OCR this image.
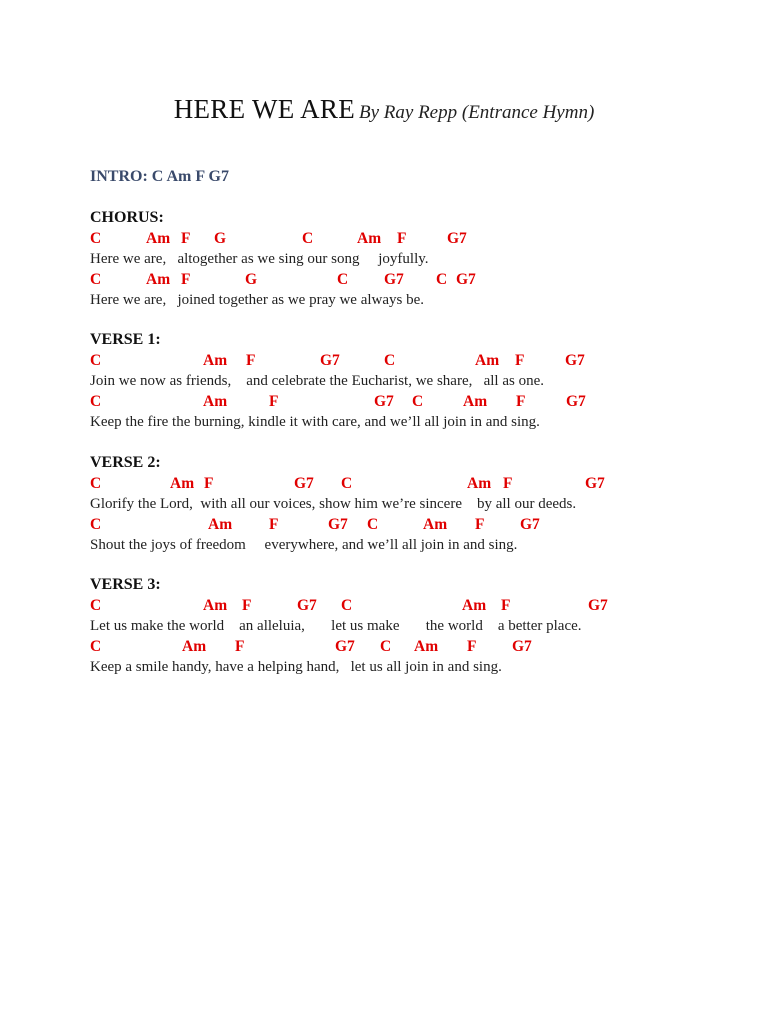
HERE WE ARE By Ray Repp (Entrance Hymn)
INTRO: C Am F G7
CHORUS:
C	Am F G	C	Am F	G7
Here we are,   altogether as we sing our song     joyfully.
C	Am F	G	C G7 C G7
Here we are,   joined together as we pray we always be.
VERSE 1:
C	Am F	G7	C	Am F	G7
Join we now as friends,    and celebrate the Eucharist, we share,   all as one.
C	Am	F	G7 C	Am F	G7
Keep the fire the burning, kindle it with care, and we’ll all join in and sing.
VERSE 2:
C	Am F	G7 C	Am F	G7
Glorify the Lord,  with all our voices, show him we’re sincere    by all our deeds.
C	Am F	G7 C	Am F G7
Shout the joys of freedom     everywhere, and we’ll all join in and sing.
VERSE 3:
C	Am F	G7 C	Am F	G7
Let us make the world    an alleluia,       let us make       the world    a better place.
C	Am F	G7 C Am F G7
Keep a smile handy, have a helping hand,   let us all join in and sing.
